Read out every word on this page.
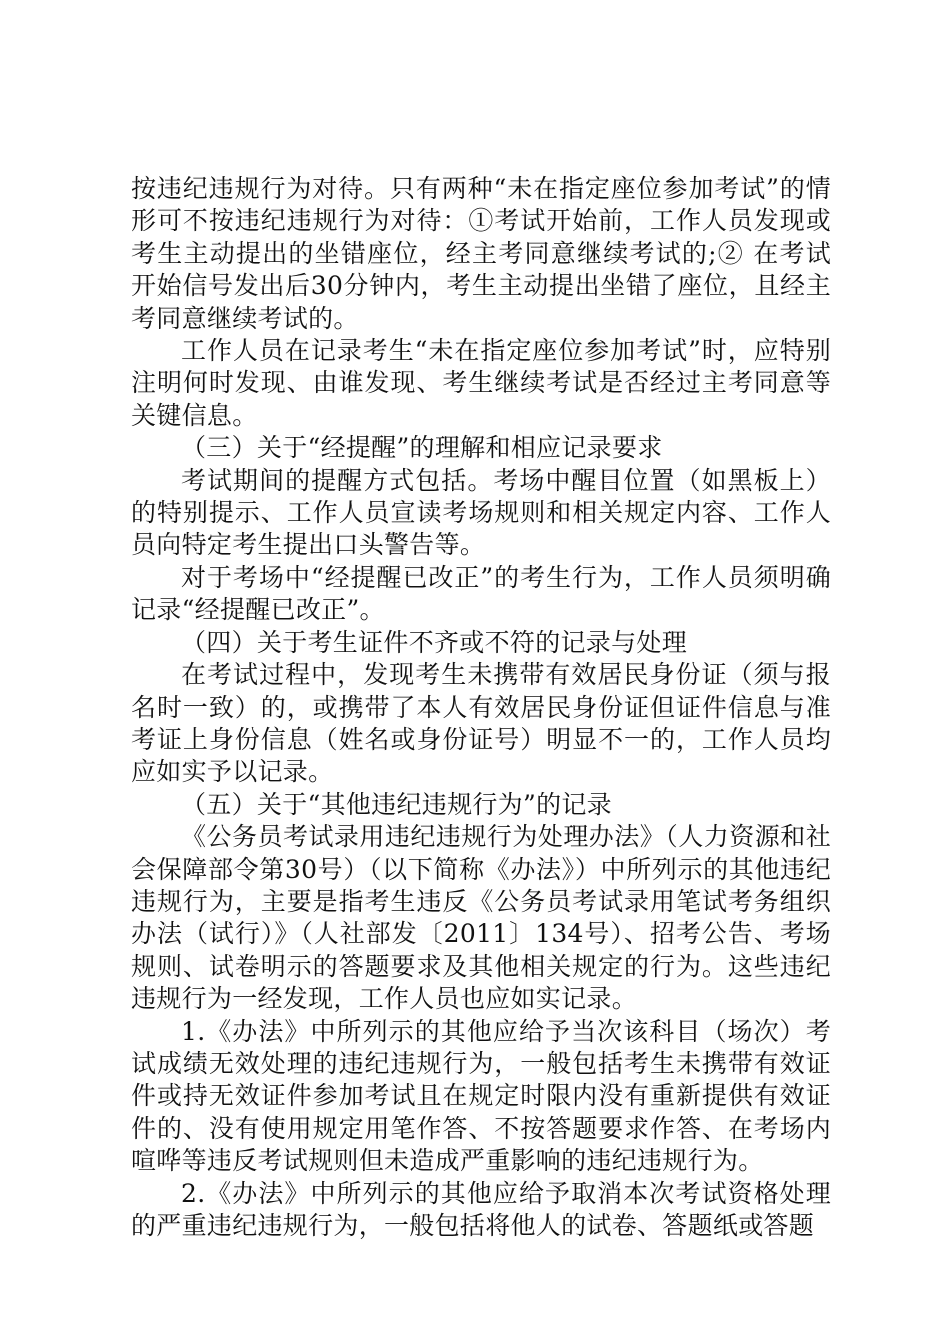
按违纪违规行为对待。只有两种“未在指定座位参加考试”的情形可不按违纪违规行为对待：①考试开始前，工作人员发现或考生主动提出的坐错座位，经主考同意继续考试的;② 在考试开始信号发出后30分钟内，考生主动提出坐错了座位，且经主考同意继续考试的。

工作人员在记录考生“未在指定座位参加考试”时，应特别注明何时发现、由谁发现、考生继续考试是否经过主考同意等关键信息。

（三）关于“经提醒”的理解和相应记录要求

考试期间的提醒方式包括。考场中醒目位置（如黑板上）的特别提示、工作人员宣读考场规则和相关规定内容、工作人员向特定考生提出口头警告等。

对于考场中“经提醒已改正”的考生行为，工作人员须明确记录“经提醒已改正”。

（四）关于考生证件不齐或不符的记录与处理

在考试过程中，发现考生未携带有效居民身份证（须与报名时一致）的，或携带了本人有效居民身份证但证件信息与准考证上身份信息（姓名或身份证号）明显不一的，工作人员均应如实予以记录。

（五）关于“其他违纪违规行为”的记录

《公务员考试录用违纪违规行为处理办法》（人力资源和社会保障部令第30号）（以下简称《办法》）中所列示的其他违纪违规行为，主要是指考生违反《公务员考试录用笔试考务组织办法（试行）》（人社部发〔2011〕134号）、招考公告、考场规则、试卷明示的答题要求及其他相关规定的行为。这些违纪违规行为一经发现，工作人员也应如实记录。

1.《办法》中所列示的其他应给予当次该科目（场次）考试成绩无效处理的违纪违规行为，一般包括考生未携带有效证件或持无效证件参加考试且在规定时限内没有重新提供有效证件的、没有使用规定用笔作答、不按答题要求作答、在考场内喧哗等违反考试规则但未造成严重影响的违纪违规行为。

2.《办法》中所列示的其他应给予取消本次考试资格处理的严重违纪违规行为，一般包括将他人的试卷、答题纸或答题
